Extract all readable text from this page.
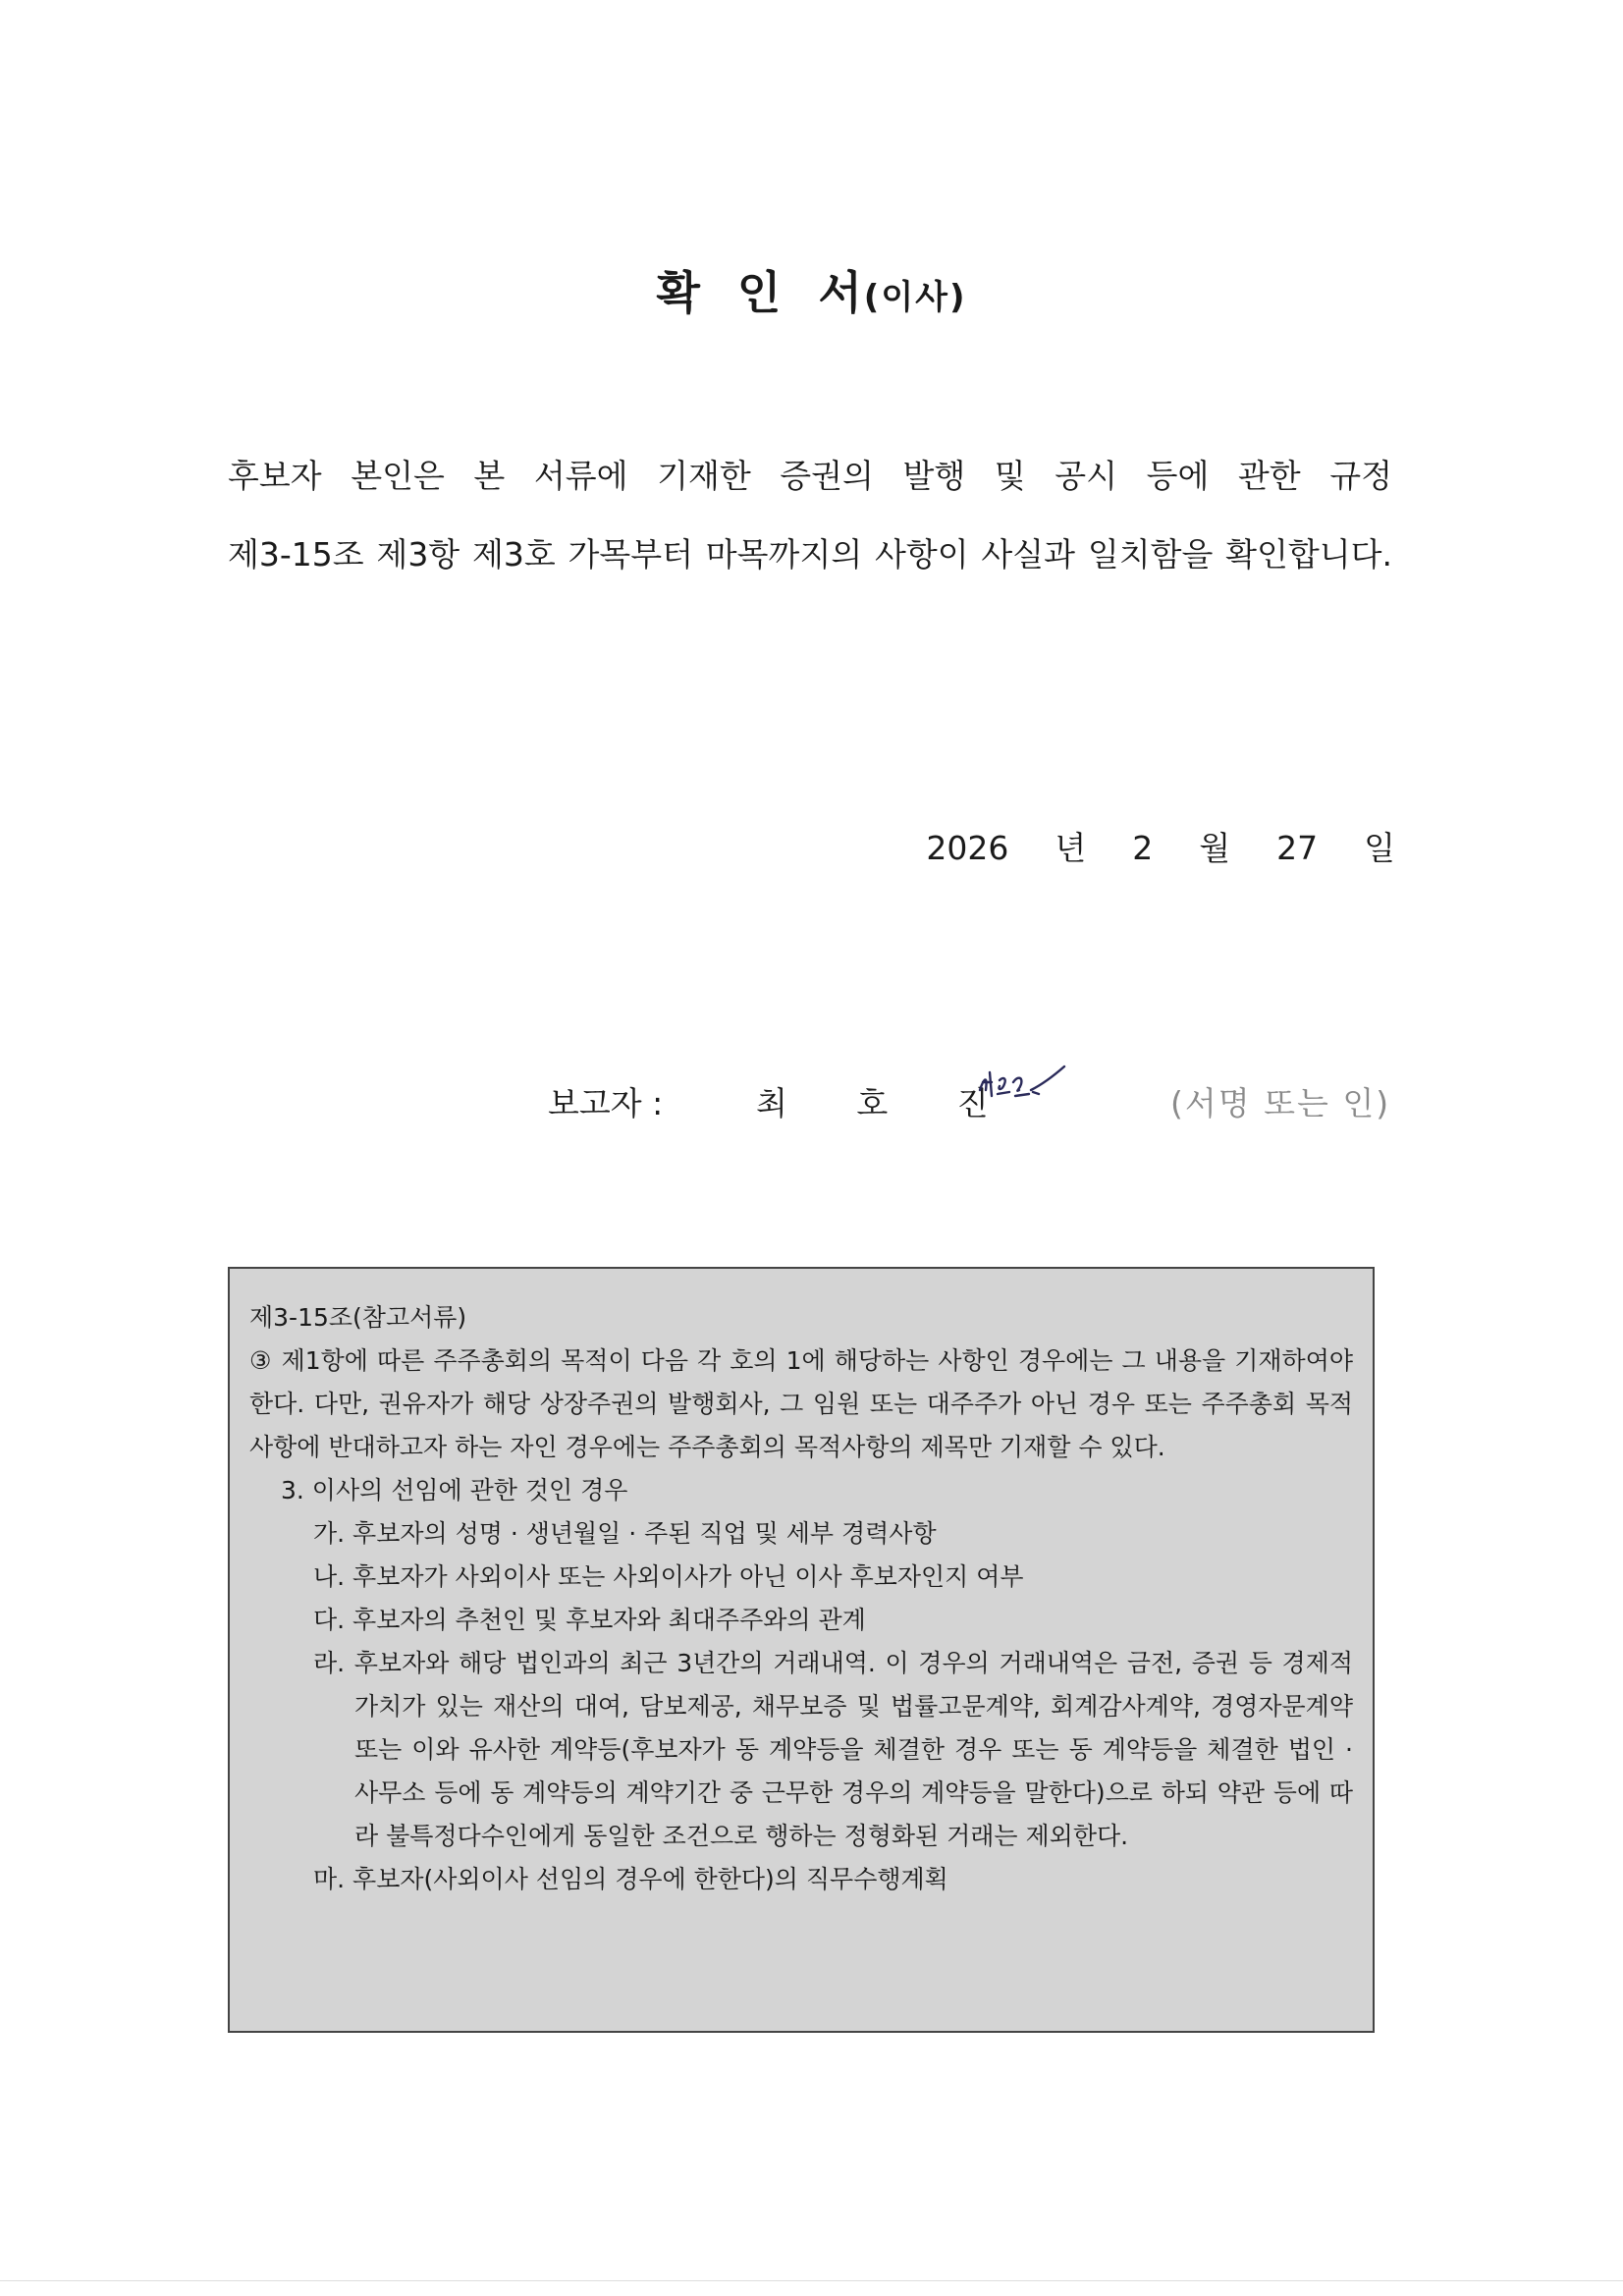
확 인 서(이사)
후보자 본인은 본 서류에 기재한 증권의 발행 및 공시 등에 관한 규정
제3-15조 제3항 제3호 가목부터 마목까지의 사항이 사실과 일치함을 확인합니다.
2026 년 2 월 27 일
보고자 :	최 호 진	(서명 또는 인)
제3-15조(참고서류)
③ 제1항에 따른 주주총회의 목적이 다음 각 호의 1에 해당하는 사항인 경우에는 그 내용을 기재하여야 한다. 다만, 권유자가 해당 상장주권의 발행회사, 그 임원 또는 대주주가 아닌 경우 또는 주주총회 목적사항에 반대하고자 하는 자인 경우에는 주주총회의 목적사항의 제목만 기재할 수 있다.
3. 이사의 선임에 관한 것인 경우
가. 후보자의 성명 · 생년월일 · 주된 직업 및 세부 경력사항
나. 후보자가 사외이사 또는 사외이사가 아닌 이사 후보자인지 여부
다. 후보자의 추천인 및 후보자와 최대주주와의 관계
라. 후보자와 해당 법인과의 최근 3년간의 거래내역. 이 경우의 거래내역은 금전, 증권 등 경제적 가치가 있는 재산의 대여, 담보제공, 채무보증 및 법률고문계약, 회계감사계약, 경영자문계약 또는 이와 유사한 계약등(후보자가 동 계약등을 체결한 경우 또는 동 계약등을 체결한 법인 · 사무소 등에 동 계약등의 계약기간 중 근무한 경우의 계약등을 말한다)으로 하되 약관 등에 따라 불특정다수인에게 동일한 조건으로 행하는 정형화된 거래는 제외한다.
마. 후보자(사외이사 선임의 경우에 한한다)의 직무수행계획
